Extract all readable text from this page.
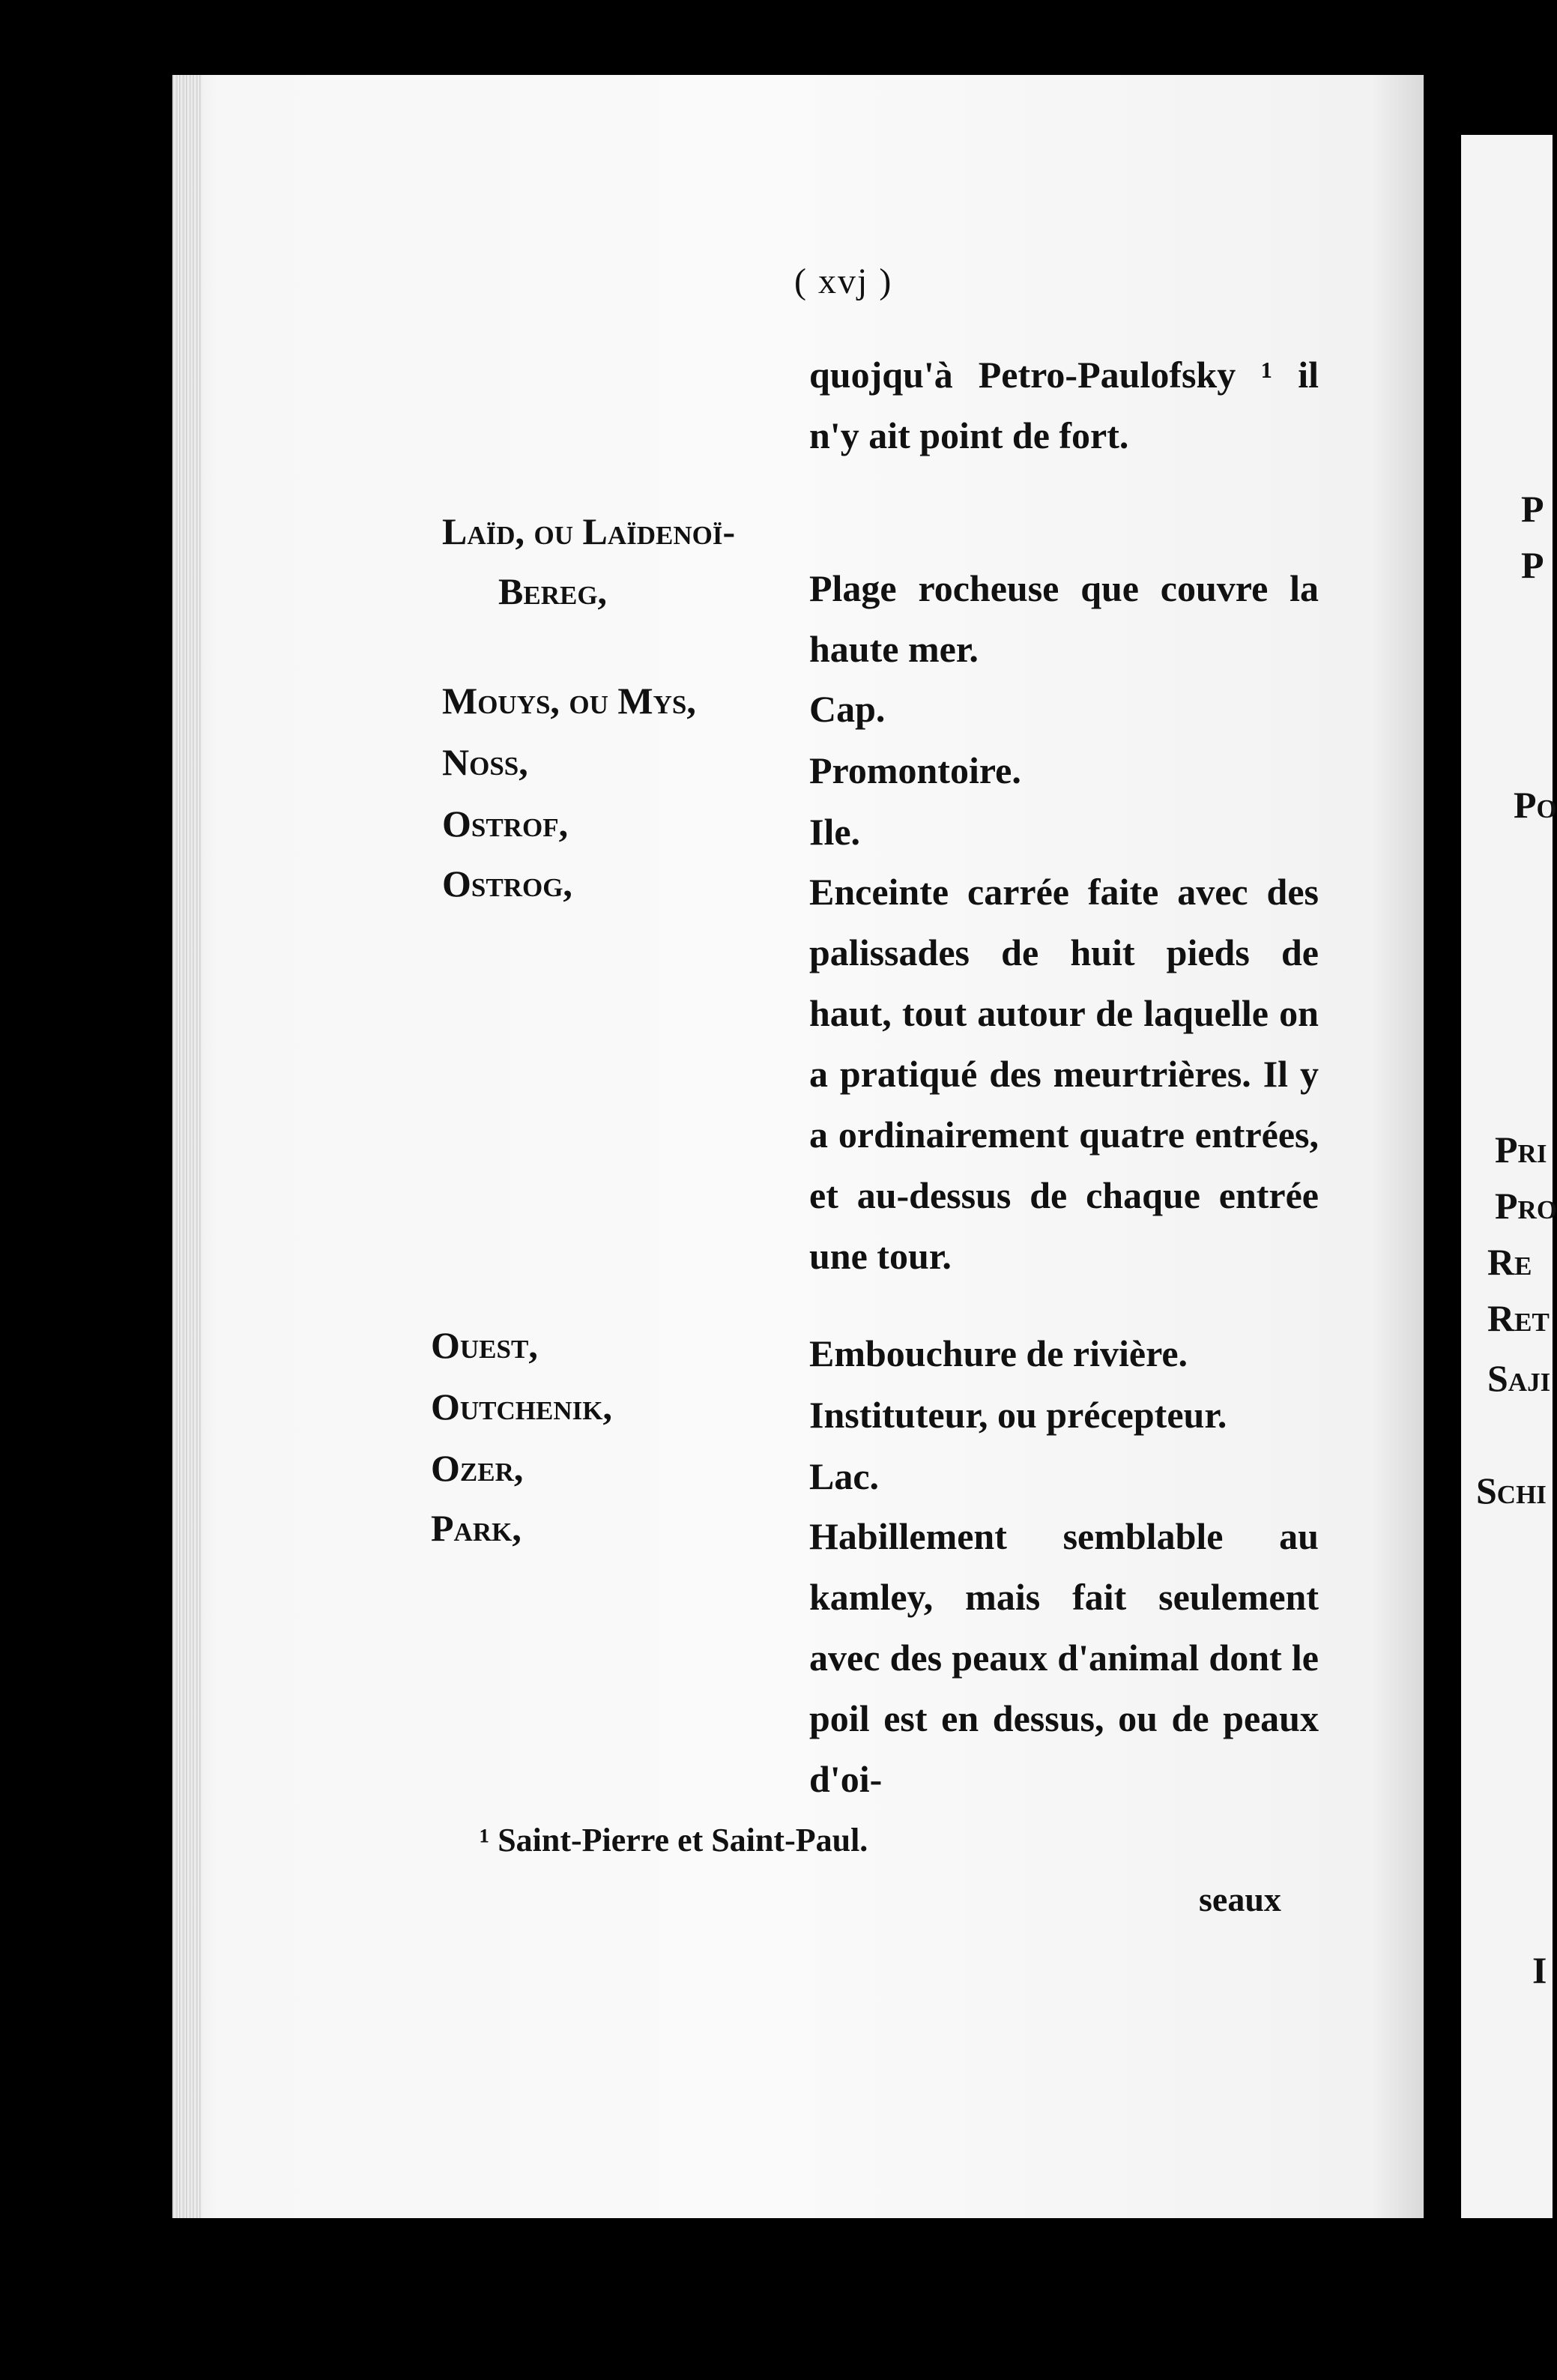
( xvj )
quojqu'à Petro-Paulofsky ¹ il n'y ait point de fort.
Laïd, ou Laïdenoï-
Bereg,	Plage rocheuse que couvre la haute mer.
Mouys, ou Mys,	Cap.
Noss,	Promontoire.
Ostrof,	Ile.
Ostrog,	Enceinte carrée faite avec des palissades de huit pieds de haut, tout autour de laquelle on a pratiqué des meurtrières. Il y a ordinairement quatre entrées, et au-dessus de chaque entrée une tour.
Ouest,	Embouchure de rivière.
Outchenik,	Instituteur, ou précepteur.
Ozer,	Lac.
Park,	Habillement semblable au kamley, mais fait seulement avec des peaux d'animal dont le poil est en dessus, ou de peaux d'oi-
¹ Saint-Pierre et Saint-Paul.
seaux
P
P
Po
Pri
Pro
Re
Ret
Saji
Schi
I
